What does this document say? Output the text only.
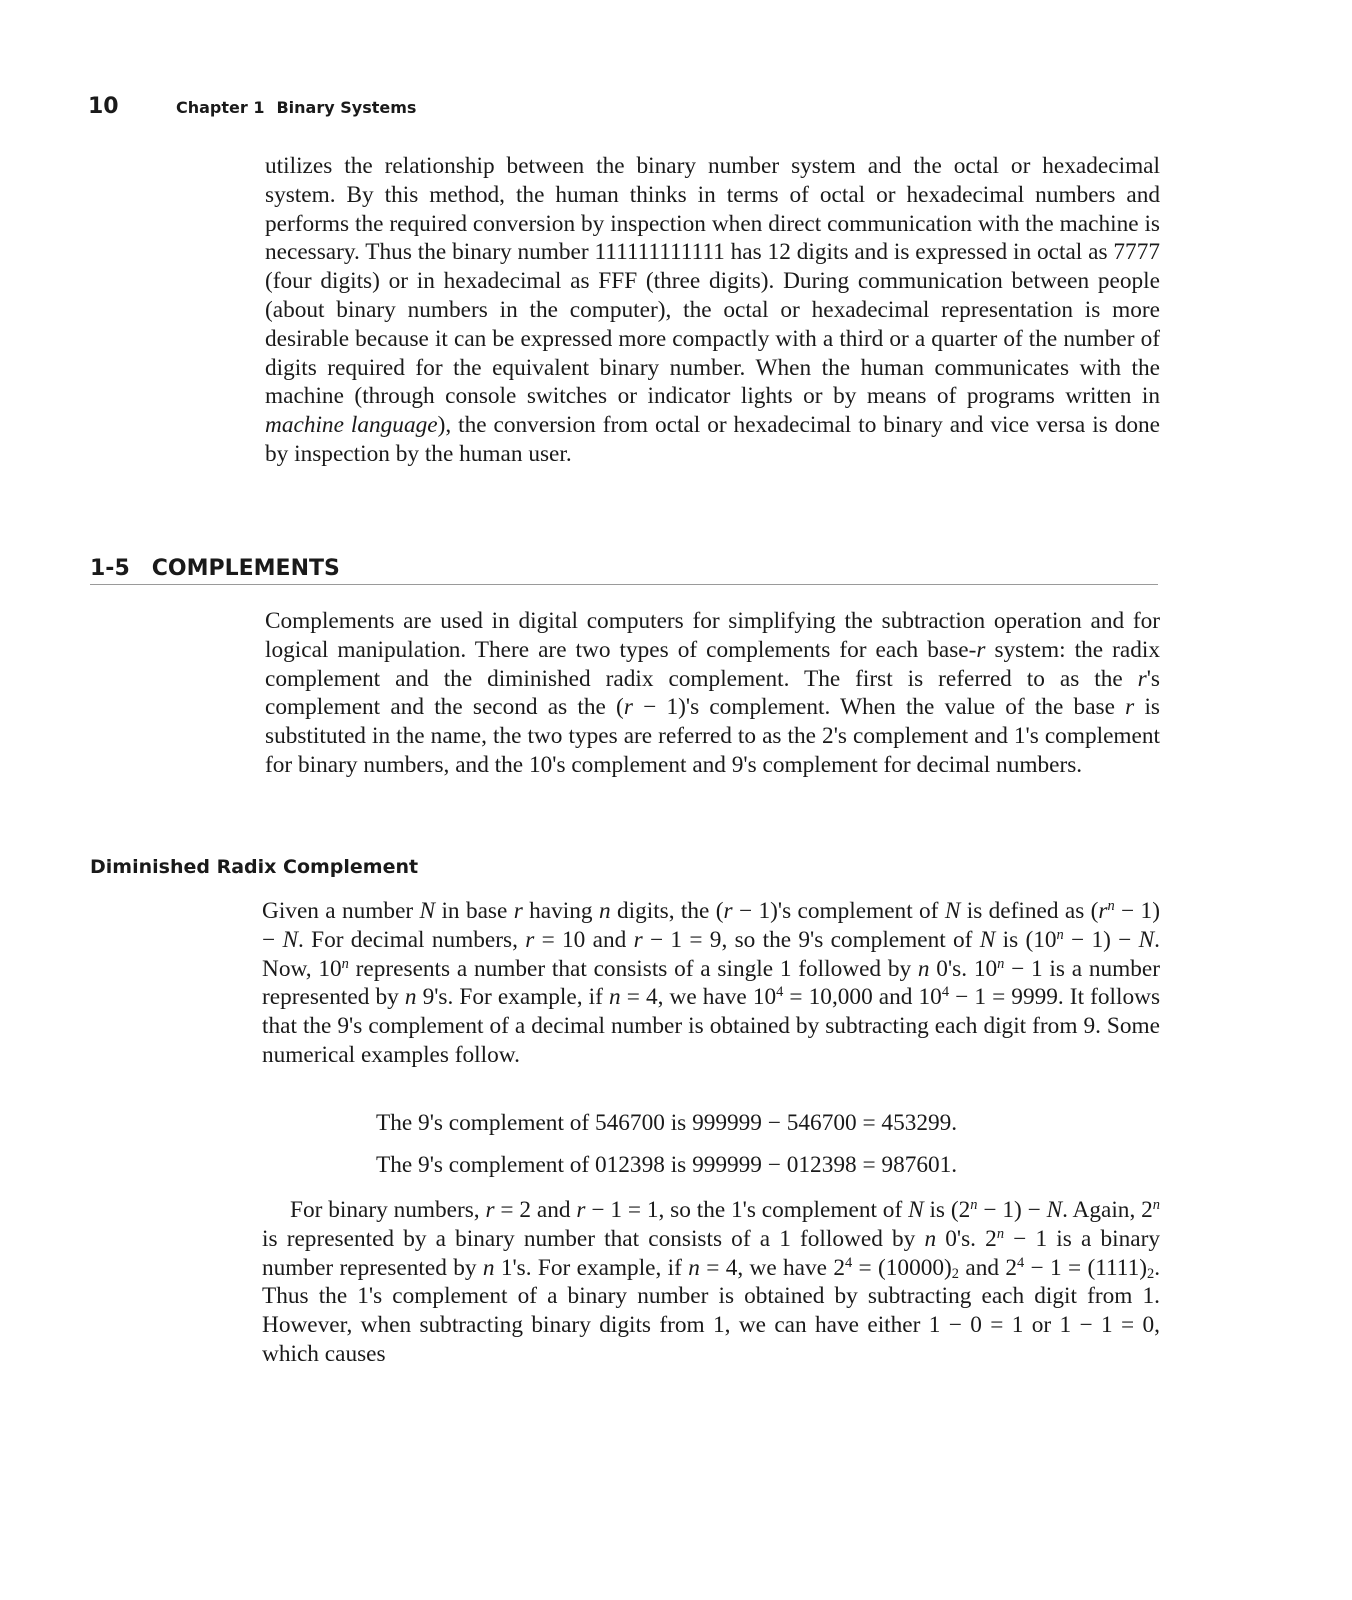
10	Chapter 1 Binary Systems

utilizes the relationship between the binary number system and the octal or hexadecimal system. By this method, the human thinks in terms of octal or hexadecimal numbers and performs the required conversion by inspection when direct communication with the machine is necessary. Thus the binary number 111111111111 has 12 digits and is expressed in octal as 7777 (four digits) or in hexadecimal as FFF (three digits). During communication between people (about binary numbers in the computer), the octal or hexadecimal representation is more desirable because it can be expressed more compactly with a third or a quarter of the number of digits required for the equivalent binary number. When the human communicates with the machine (through console switches or indicator lights or by means of programs written in machine language), the conversion from octal or hexadecimal to binary and vice versa is done by inspection by the human user.

1-5 COMPLEMENTS

Complements are used in digital computers for simplifying the subtraction operation and for logical manipulation. There are two types of complements for each base-r system: the radix complement and the diminished radix complement. The first is referred to as the r's complement and the second as the (r − 1)'s complement. When the value of the base r is substituted in the name, the two types are referred to as the 2's complement and 1's complement for binary numbers, and the 10's complement and 9's complement for decimal numbers.

Diminished Radix Complement

Given a number N in base r having n digits, the (r − 1)'s complement of N is defined as $(r^n - 1) - N$. For decimal numbers, r = 10 and r − 1 = 9, so the 9's complement of N is $(10^n - 1) - N$. Now, 10$^n$ represents a number that consists of a single 1 followed by n 0's. $10^n - 1$ is a number represented by n 9's. For example, if n = 4, we have $10^4 = 10,000$ and $10^4 - 1 = 9999$. It follows that the 9's complement of a decimal number is obtained by subtracting each digit from 9. Some numerical examples follow.

The 9's complement of 546700 is 999999 − 546700 = 453299.
The 9's complement of 012398 is 999999 − 012398 = 987601.

For binary numbers, r = 2 and r − 1 = 1, so the 1's complement of N is $(2^n - 1) - N$. Again, 2$^n$ is represented by a binary number that consists of a 1 followed by n 0's. $2^n - 1$ is a binary number represented by n 1's. For example, if n = 4, we have $2^4 = (10000)_2$ and $2^4 - 1 = (1111)_2$. Thus the 1's complement of a binary number is obtained by subtracting each digit from 1. However, when subtracting binary digits from 1, we can have either 1 − 0 = 1 or 1 − 1 = 0, which causes
